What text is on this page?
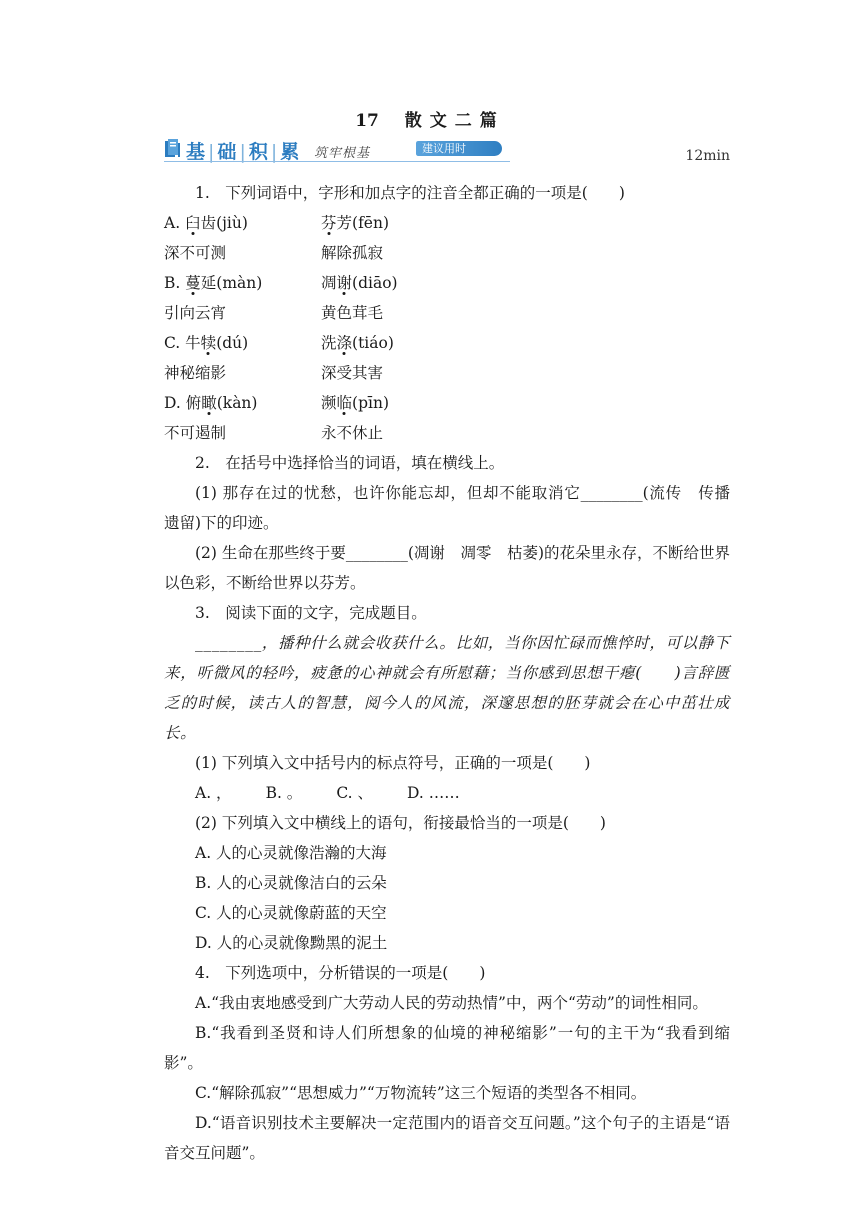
17 散文二篇
基 | 础 | 积 | 累 筑牢根基	建议用时	12min
1.　下列词语中，字形和加点字的注音全都正确的一项是(　　)
A. 臼齿(jiù)	芬芳(fēn)
深不可测	解除孤寂
B. 蔓延(màn)	凋谢(diāo)
引向云宵	黄色茸毛
C. 牛犊(dú)	洗涤(tiáo)
神秘缩影	深受其害
D. 俯瞰(kàn)	濒临(pīn)
不可遏制	永不休止
2.　在括号中选择恰当的词语，填在横线上。
(1) 那存在过的忧愁，也许你能忘却，但却不能取消它________(流传　传播　遗留)下的印迹。
(2) 生命在那些终于要________(凋谢　凋零　枯萎)的花朵里永存，不断给世界以色彩，不断给世界以芬芳。
3.　阅读下面的文字，完成题目。
________，播种什么就会收获什么。比如，当你因忙碌而憔悴时，可以静下来，听微风的轻吟，疲惫的心神就会有所慰藉；当你感到思想干瘪(　　)言辞匮乏的时候，读古人的智慧，阅今人的风流，深邃思想的胚芽就会在心中茁壮成长。
(1) 下列填入文中括号内的标点符号，正确的一项是(　　)
A. ， B. 。 C. 、 D. ……
(2) 下列填入文中横线上的语句，衔接最恰当的一项是(　　)
A. 人的心灵就像浩瀚的大海
B. 人的心灵就像洁白的云朵
C. 人的心灵就像蔚蓝的天空
D. 人的心灵就像黝黑的泥土
4.　下列选项中，分析错误的一项是(　　)
A.“我由衷地感受到广大劳动人民的劳动热情”中，两个“劳动”的词性相同。
B.“我看到圣贤和诗人们所想象的仙境的神秘缩影”一句的主干为“我看到缩影”。
C.“解除孤寂”“思想威力”“万物流转”这三个短语的类型各不相同。
D.“语音识别技术主要解决一定范围内的语音交互问题。”这个句子的主语是“语音交互问题”。
